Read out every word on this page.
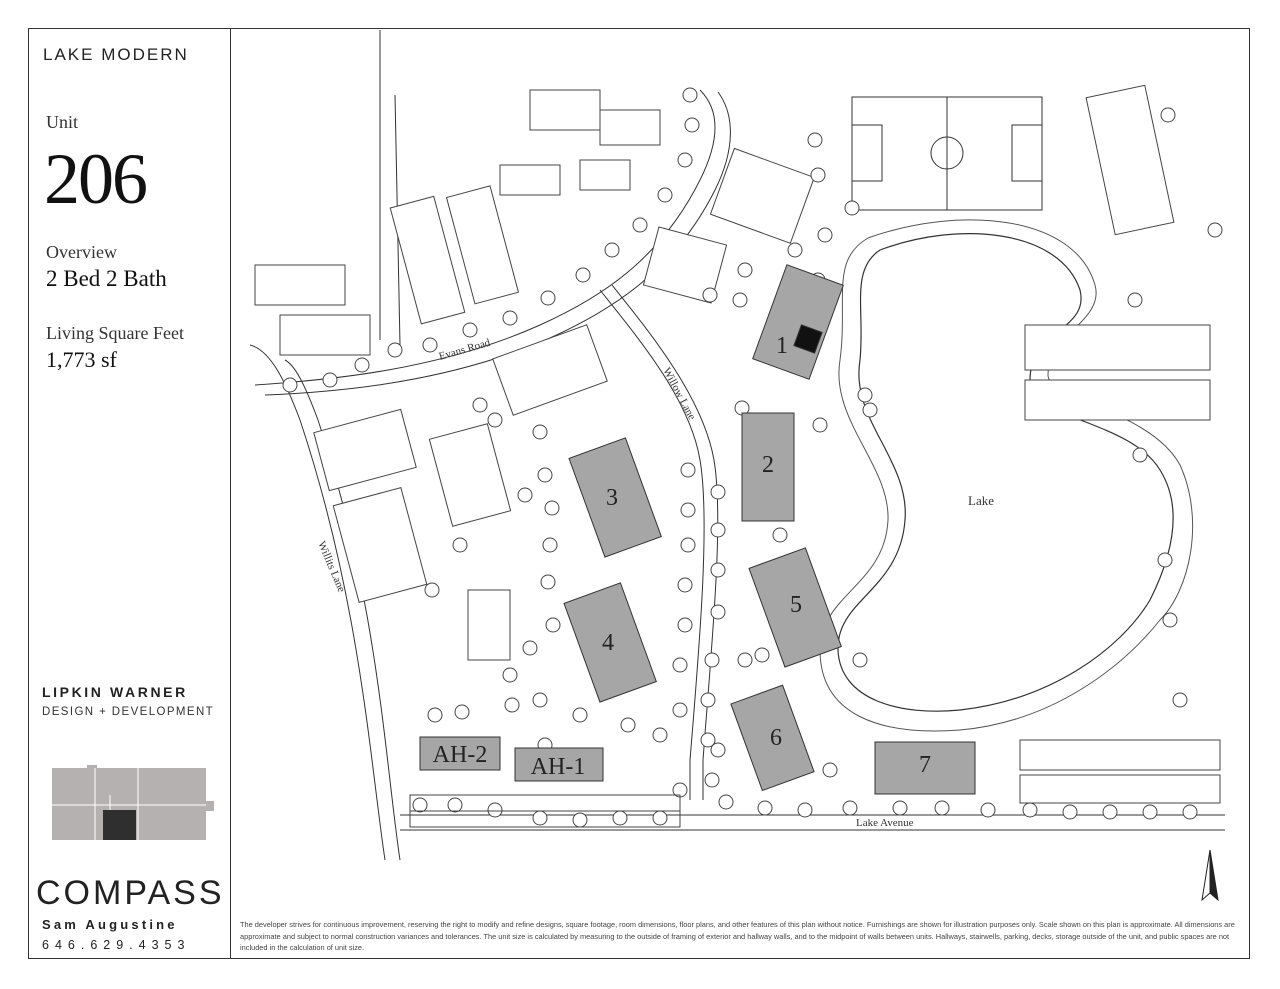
LAKE MODERN
Unit
206
Overview
2 Bed 2 Bath
Living Square Feet
1,773 sf
LIPKIN WARNER
DESIGN + DEVELOPMENT
COMPASS
Sam Augustine
646.629.4353
The developer strives for continuous improvement, reserving the right to modify and refine designs, square footage, room dimensions, floor plans, and other features of this plan without notice. Furnishings are shown for illustration purposes only. Scale shown on this plan is approximate. All dimensions are approximate and subject to normal construction variances and tolerances. The unit size is calculated by measuring to the outside of framing of exterior and hallway walls, and to the midpoint of walls between units. Hallways, stairwells, parking, decks, storage outside of the unit, and public spaces are not included in the calculation of unit size.
Lake
Evans Road
Willow Lane
Willits Lane
Lake Avenue
1
2
3
4
5
6
7
AH-1
AH-2
